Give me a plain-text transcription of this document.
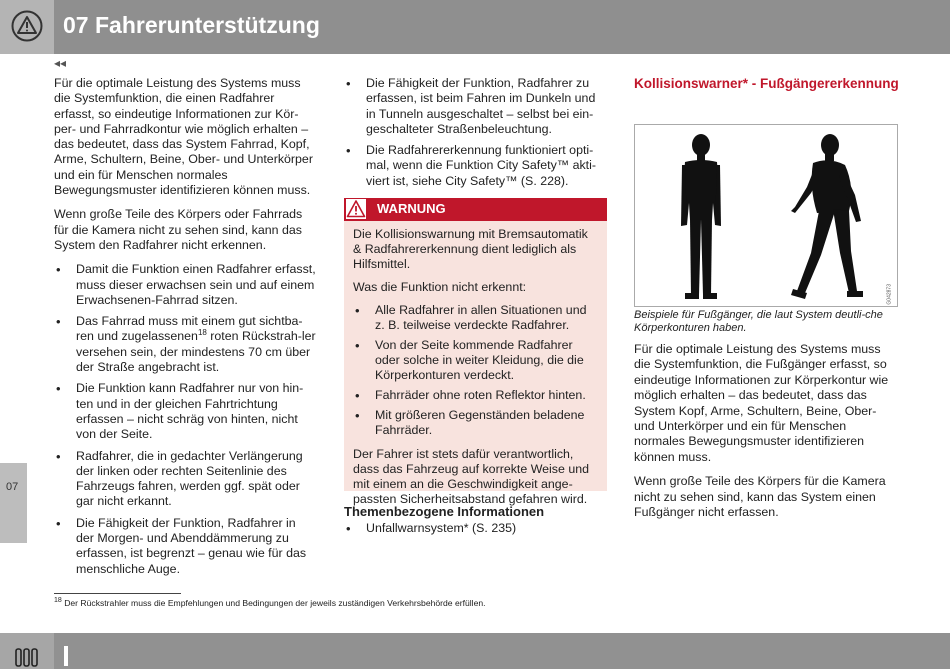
07 Fahrerunterstützung
◂◂
07

Für die optimale Leistung des Systems muss die Systemfunktion, die einen Radfahrer erfasst, so eindeutige Informationen zur Kör-per- und Fahrradkontur wie möglich erhalten – das bedeutet, dass das System Fahrrad, Kopf, Arme, Schultern, Beine, Ober- und Unterkörper und ein für Menschen normales Bewegungsmuster identifizieren können muss.

Wenn große Teile des Körpers oder Fahrrads für die Kamera nicht zu sehen sind, kann das System den Radfahrer nicht erkennen.

• Damit die Funktion einen Radfahrer erfasst, muss dieser erwachsen sein und auf einem Erwachsenen-Fahrrad sitzen.
• Das Fahrrad muss mit einem gut sichtba-ren und zugelassenen$^{18}$ roten Rückstrah-ler versehen sein, der mindestens 70 cm über der Straße angebracht ist.
• Die Funktion kann Radfahrer nur von hin-ten und in der gleichen Fahrtrichtung erfassen – nicht schräg von hinten, nicht von der Seite.
• Radfahrer, die in gedachter Verlängerung der linken oder rechten Seitenlinie des Fahrzeugs fahren, werden ggf. spät oder gar nicht erkannt.
• Die Fähigkeit der Funktion, Radfahrer in der Morgen- und Abenddämmerung zu erfassen, ist begrenzt – genau wie für das menschliche Auge.
• Die Fähigkeit der Funktion, Radfahrer zu erfassen, ist beim Fahren im Dunkeln und in Tunneln ausgeschaltet – selbst bei ein-geschalteter Straßenbeleuchtung.
• Die Radfahrererkennung funktioniert opti-mal, wenn die Funktion City Safety™ akti-viert ist, siehe City Safety™ (S. 228).
WARNUNG

Die Kollisionswarnung mit Bremsautomatik & Radfahrererkennung dient lediglich als Hilfsmittel.

Was die Funktion nicht erkennt:

• Alle Radfahrer in allen Situationen und z. B. teilweise verdeckte Radfahrer.
• Von der Seite kommende Radfahrer oder solche in weiter Kleidung, die die Körperkonturen verdeckt.
• Fahrräder ohne roten Reflektor hinten.
• Mit größeren Gegenständen beladene Fahrräder.

Der Fahrer ist stets dafür verantwortlich, dass das Fahrzeug auf korrekte Weise und mit einem an die Geschwindigkeit ange-passten Sicherheitsabstand gefahren wird.

Themenbezogene Informationen
• Unfallwarnsystem* (S. 235)
Kollisionswarner* - Fußgängererkennung
G042873
Beispiele für Fußgänger, die laut System deutli-che Körperkonturen haben.

Für die optimale Leistung des Systems muss die Systemfunktion, die Fußgänger erfasst, so eindeutige Informationen zur Körperkontur wie möglich erhalten – das bedeutet, dass das System Kopf, Arme, Schultern, Beine, Ober- und Unterkörper und ein für Menschen normales Bewegungsmuster identifizieren können muss.

Wenn große Teile des Körpers für die Kamera nicht zu sehen sind, kann das System einen Fußgänger nicht erfassen.

$^{18}$ Der Rückstrahler muss die Empfehlungen und Bedingungen der jeweils zuständigen Verkehrsbehörde erfüllen.
